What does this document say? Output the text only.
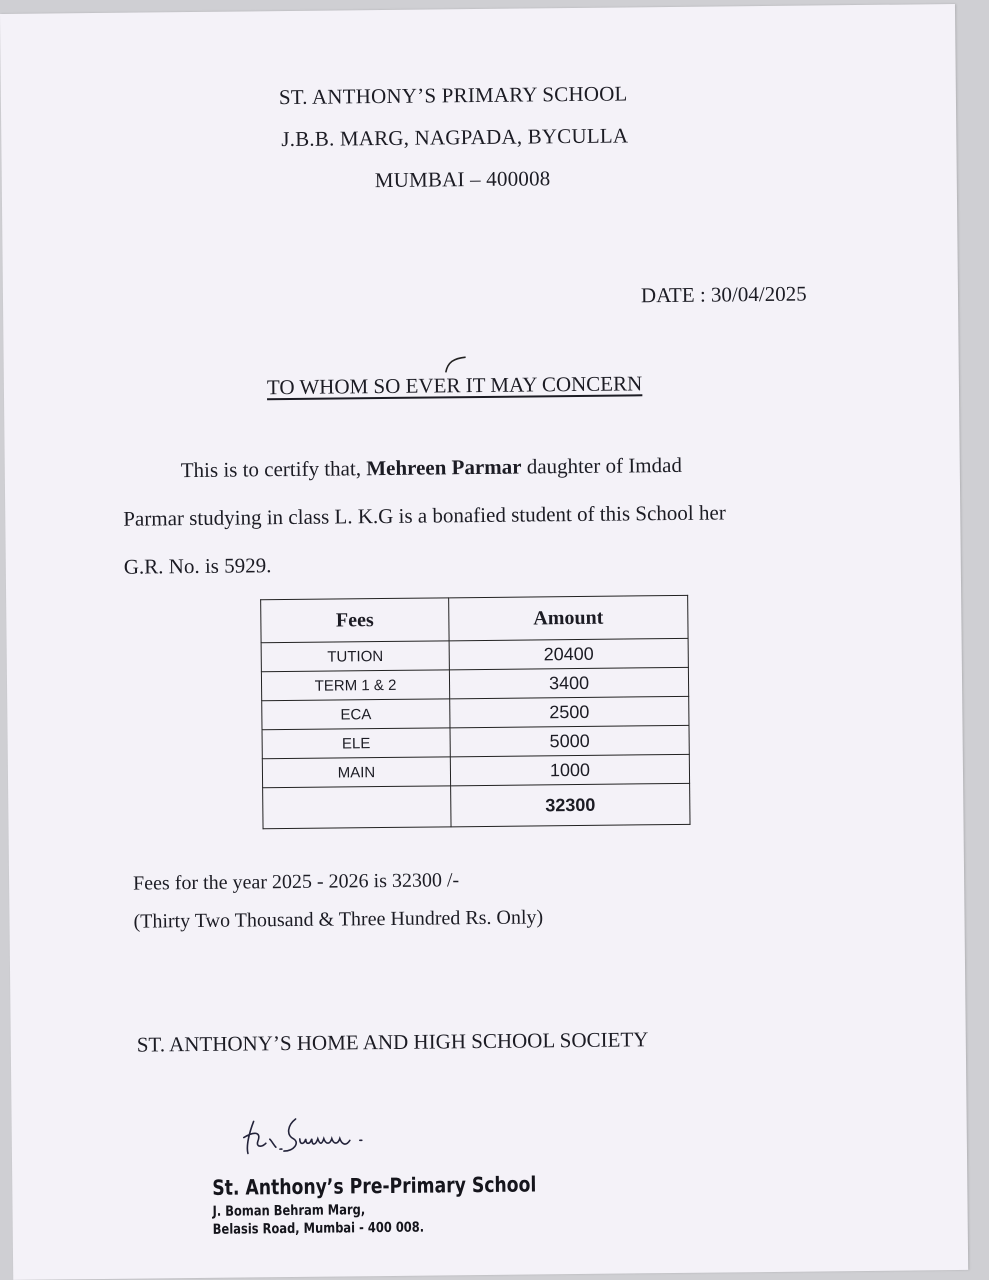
ST. ANTHONY’S PRIMARY SCHOOL
J.B.B. MARG, NAGPADA, BYCULLA
MUMBAI – 400008
DATE : 30/04/2025
TO WHOM SO EVER IT MAY CONCERN
This is to certify that, Mehreen Parmar daughter of Imdad
Parmar studying in class L. K.G is a bonafied student of this School her
G.R. No. is 5929.
Fees	Amount
TUTION	20400
TERM 1 & 2	3400
ECA	2500
ELE	5000
MAIN	1000
	32300
Fees for the year 2025 - 2026 is 32300 /-
(Thirty Two Thousand & Three Hundred Rs. Only)
ST. ANTHONY’S HOME AND HIGH SCHOOL SOCIETY
St. Anthony’s Pre-Primary School
J. Boman Behram Marg,
Belasis Road, Mumbai - 400 008.
